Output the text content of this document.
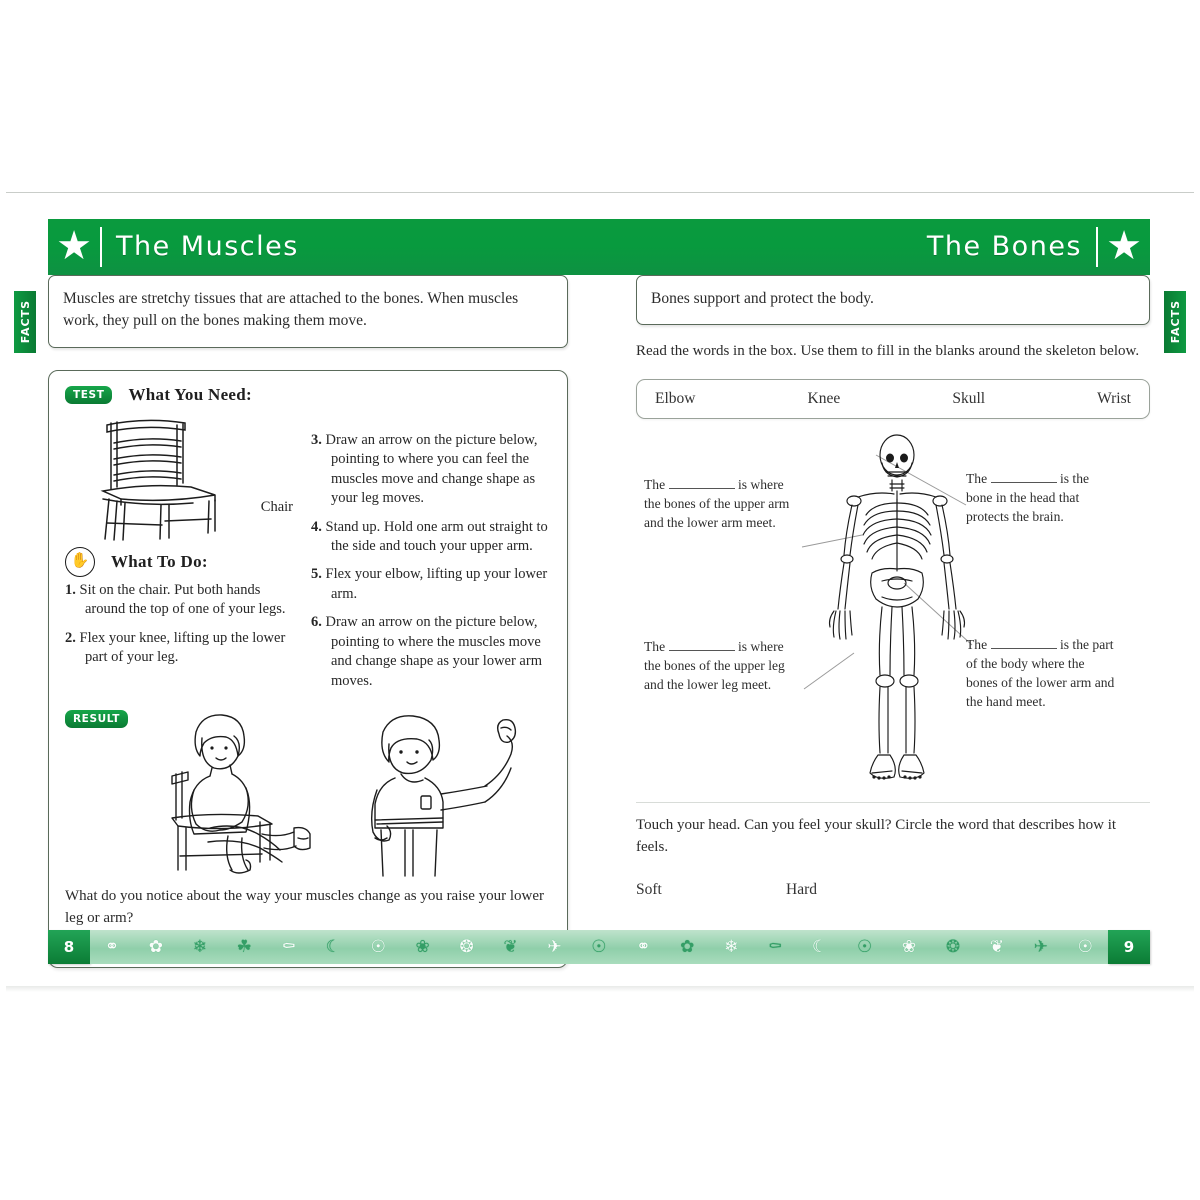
★ The Muscles	The Bones ★
FACTS	FACTS
Muscles are stretchy tissues that are attached to the bones. When muscles work, they pull on the bones making them move.
TEST What You Need:
Chair
✋ What To Do:
1. Sit on the chair. Put both hands around the top of one of your legs.
2. Flex your knee, lifting up the lower part of your leg.
3. Draw an arrow on the picture below, pointing to where you can feel the muscles move and change shape as your leg moves.
4. Stand up. Hold one arm out straight to the side and touch your upper arm.
5. Flex your elbow, lifting up your lower arm.
6. Draw an arrow on the picture below, pointing to where the muscles move and change shape as your lower arm moves.
RESULT
What do you notice about the way your muscles change as you raise your lower leg or arm?
Bones support and protect the body.
Read the words in the box. Use them to fill in the blanks around the skeleton below.
Elbow	Knee	Skull	Wrist
The	is where the bones of the upper arm and the lower arm meet.
The	is the bone in the head that protects the brain.
The	is where the bones of the upper leg and the lower leg meet.
The	is the part of the body where the bones of the lower arm and the hand meet.
Touch your head. Can you feel your skull? Circle the word that describes how it feels.
Soft	Hard
8	⚭ ✿ ❄ ☘ ⚰ ☾ ☉ ❀ ❂ ❦ ✈ ☉ ⚭ ✿ ❄ ⚰ ☾ ☉ ❀ ❂ ❦ ✈ ☉	9
